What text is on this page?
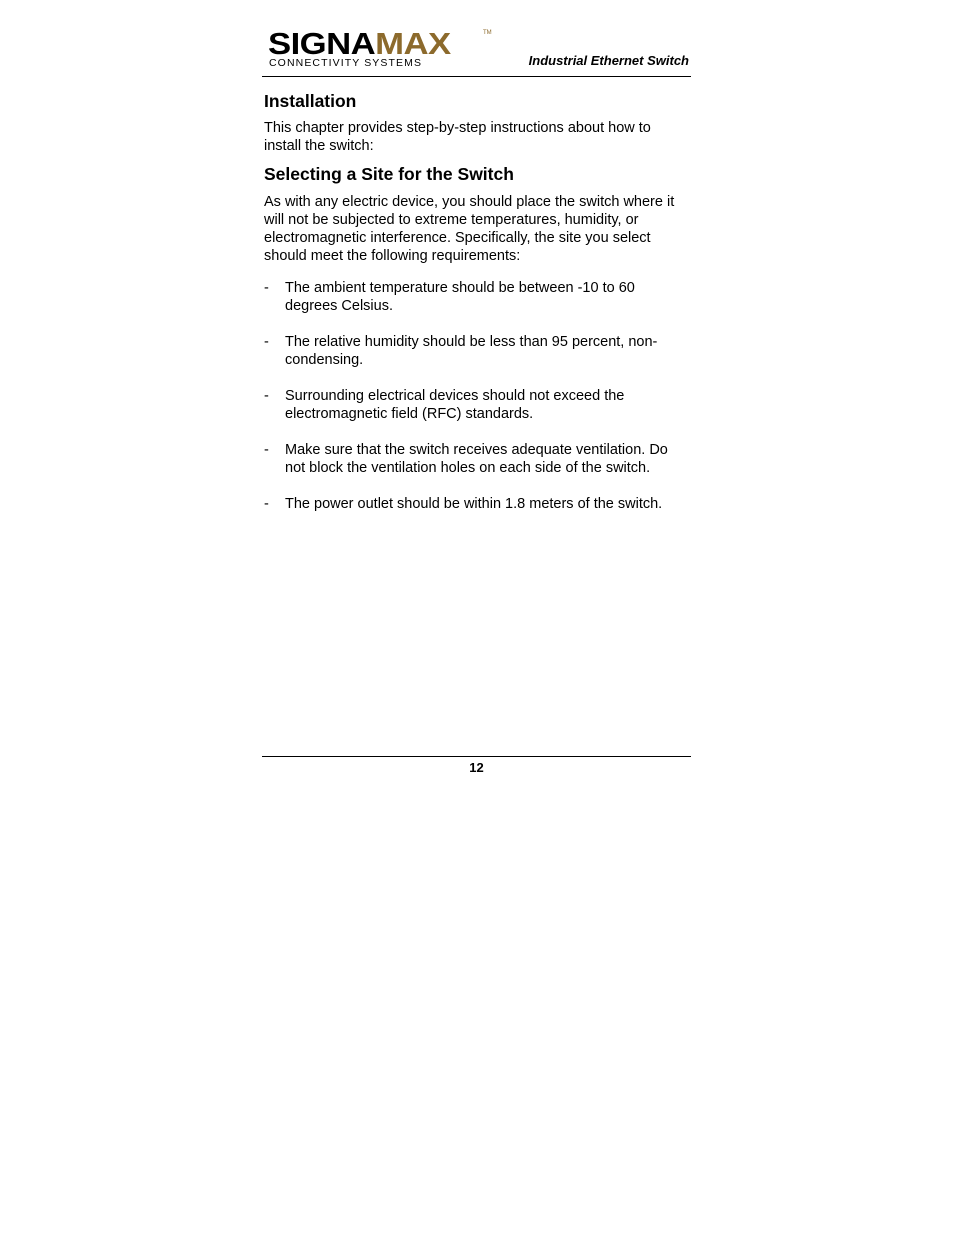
SIGNAMAX	TM
CONNECTIVITY SYSTEMS	Industrial Ethernet Switch
Installation

This chapter provides step-by-step instructions about how to install the switch:

Selecting a Site for the Switch

As with any electric device, you should place the switch where it will not be subjected to extreme temperatures, humidity, or electromagnetic interference. Specifically, the site you select should meet the following requirements:

- The ambient temperature should be between -10 to 60 degrees Celsius.
- The relative humidity should be less than 95 percent, non-condensing.
- Surrounding electrical devices should not exceed the electromagnetic field (RFC) standards.
- Make sure that the switch receives adequate ventilation. Do not block the ventilation holes on each side of the switch.
- The power outlet should be within 1.8 meters of the switch.
12
